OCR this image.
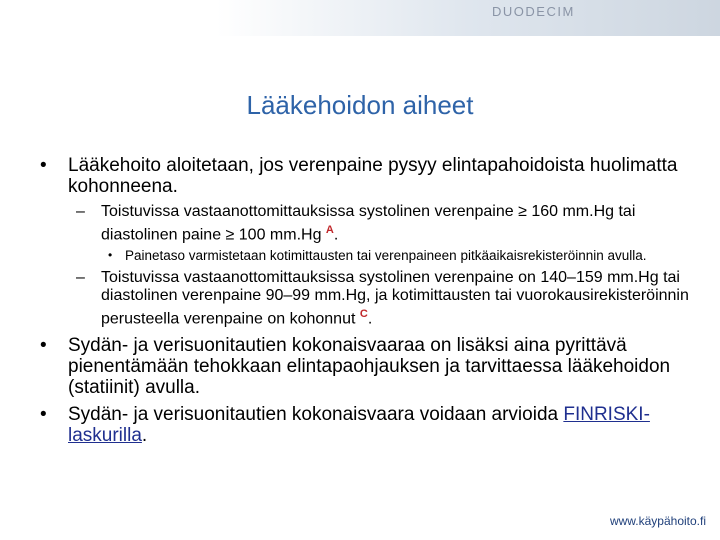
DUODECIM
Lääkehoidon aiheet
• Lääkehoito aloitetaan, jos verenpaine pysyy elintapahoidoista huolimatta kohonneena.
– Toistuvissa vastaanottomittauksissa systolinen verenpaine ≥ 160 mm.Hg tai diastolinen paine ≥ 100 mm.Hg $^A$.
• Painetaso varmistetaan kotimittausten tai verenpaineen pitkäaikaisrekisteröinnin avulla.
– Toistuvissa vastaanottomittauksissa systolinen verenpaine on 140–159 mm.Hg tai diastolinen verenpaine 90–99 mm.Hg, ja kotimittausten tai vuorokausirekisteröinnin perusteella verenpaine on kohonnut $^C$.
• Sydän- ja verisuonitautien kokonaisvaaraa on lisäksi aina pyrittävä pienentämään tehokkaan elintapaohjauksen ja tarvittaessa lääkehoidon (statiinit) avulla.
• Sydän- ja verisuonitautien kokonaisvaara voidaan arvioida FINRISKI-laskurilla.
www.käypähoito.fi
